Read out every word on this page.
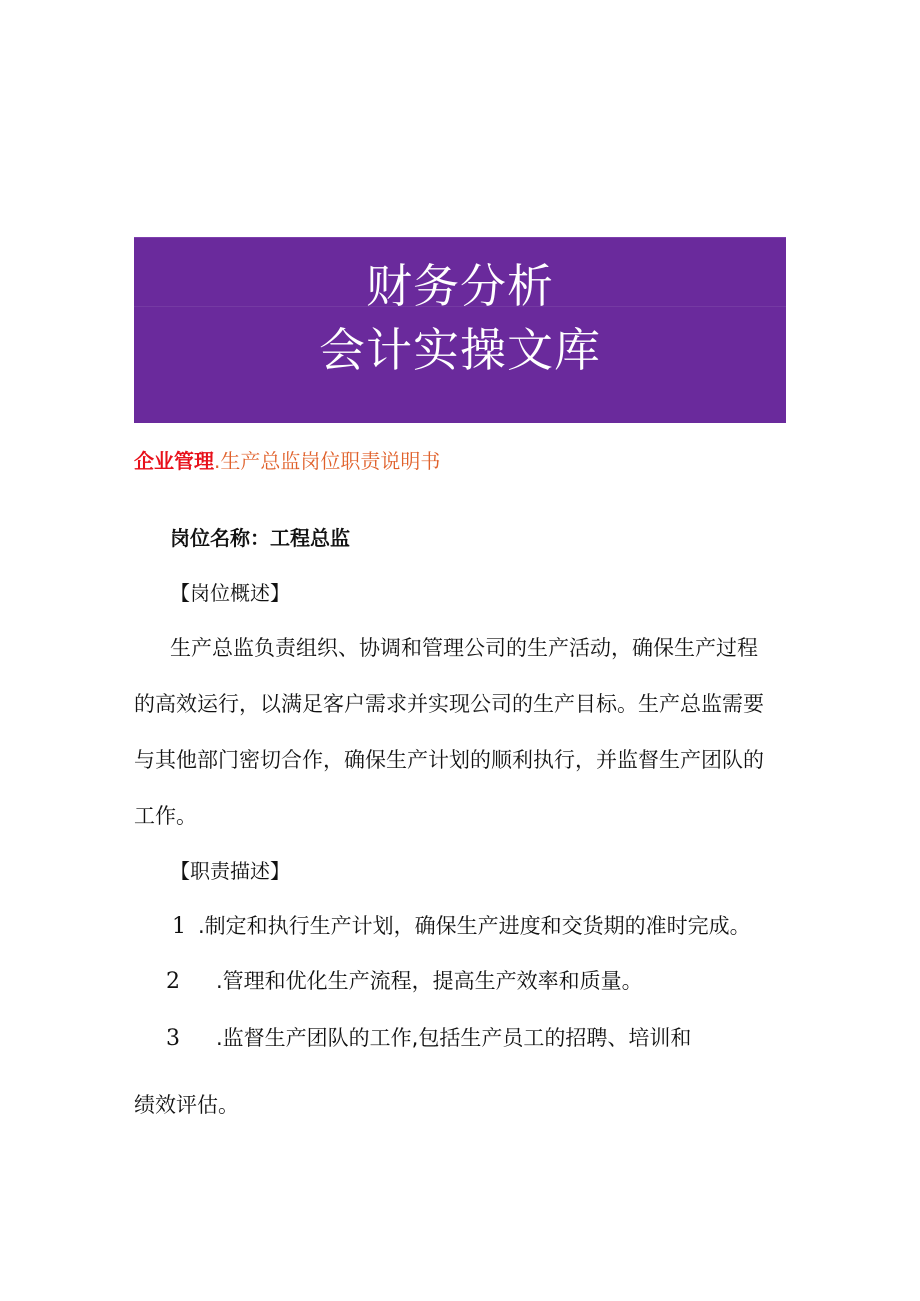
财务分析
会计实操文库
企业管理.生产总监岗位职责说明书
岗位名称：工程总监
【岗位概述】
生产总监负责组织、协调和管理公司的生产活动，确保生产过程
的高效运行，以满足客户需求并实现公司的生产目标。生产总监需要
与其他部门密切合作，确保生产计划的顺利执行，并监督生产团队的
工作。
【职责描述】
1 .制定和执行生产计划，确保生产进度和交货期的准时完成。
2 .管理和优化生产流程，提高生产效率和质量。
3 .监督生产团队的工作,包括生产员工的招聘、培训和
绩效评估。
